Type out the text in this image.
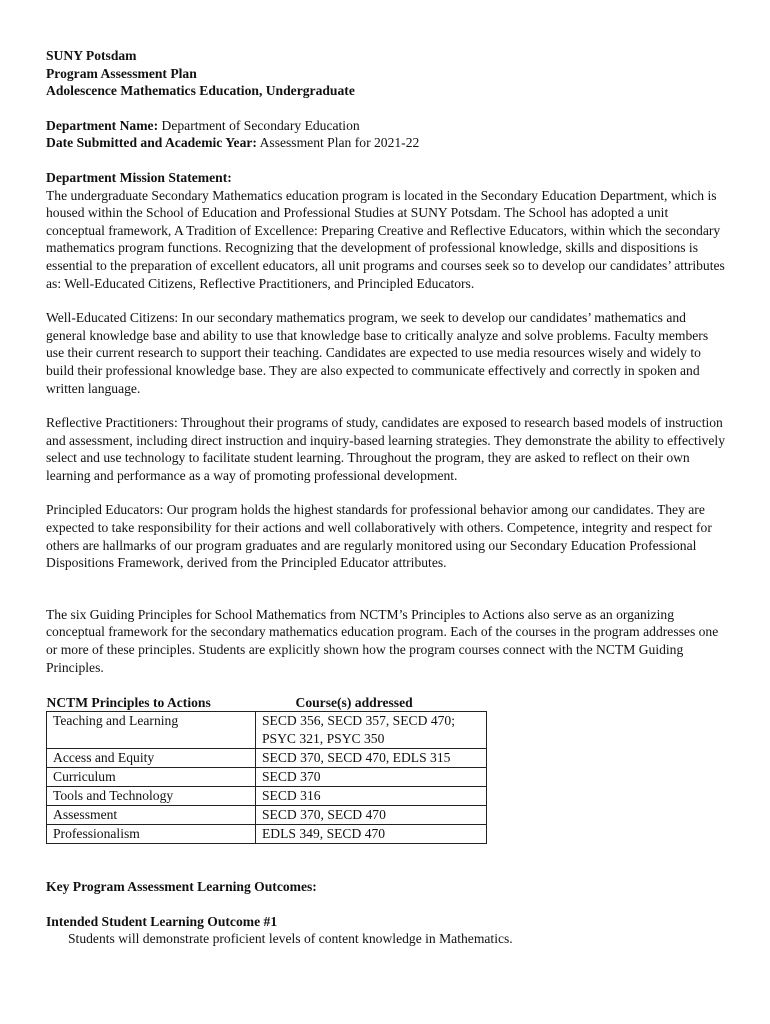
SUNY Potsdam
Program Assessment Plan
Adolescence Mathematics Education, Undergraduate
Department Name: Department of Secondary Education
Date Submitted and Academic Year: Assessment Plan for 2021-22
Department Mission Statement:

The undergraduate Secondary Mathematics education program is located in the Secondary Education Department, which is housed within the School of Education and Professional Studies at SUNY Potsdam. The School has adopted a unit conceptual framework, A Tradition of Excellence: Preparing Creative and Reflective Educators, within which the secondary mathematics program functions. Recognizing that the development of professional knowledge, skills and dispositions is essential to the preparation of excellent educators, all unit programs and courses seek so to develop our candidates’ attributes as: Well-Educated Citizens, Reflective Practitioners, and Principled Educators.

Well-Educated Citizens: In our secondary mathematics program, we seek to develop our candidates’ mathematics and general knowledge base and ability to use that knowledge base to critically analyze and solve problems. Faculty members use their current research to support their teaching. Candidates are expected to use media resources wisely and widely to build their professional knowledge base. They are also expected to communicate effectively and correctly in spoken and written language.

Reflective Practitioners: Throughout their programs of study, candidates are exposed to research based models of instruction and assessment, including direct instruction and inquiry-based learning strategies. They demonstrate the ability to effectively select and use technology to facilitate student learning. Throughout the program, they are asked to reflect on their own learning and performance as a way of promoting professional development.

Principled Educators: Our program holds the highest standards for professional behavior among our candidates. They are expected to take responsibility for their actions and well collaboratively with others. Competence, integrity and respect for others are hallmarks of our program graduates and are regularly monitored using our Secondary Education Professional Dispositions Framework, derived from the Principled Educator attributes.

The six Guiding Principles for School Mathematics from NCTM’s Principles to Actions also serve as an organizing conceptual framework for the secondary mathematics education program. Each of the courses in the program addresses one or more of these principles. Students are explicitly shown how the program courses connect with the NCTM Guiding Principles.

NCTM Principles to Actions	Course(s) addressed
Teaching and Learning	SECD 356, SECD 357, SECD 470; PSYC 321, PSYC 350
Access and Equity	SECD 370, SECD 470, EDLS 315
Curriculum	SECD 370
Tools and Technology	SECD 316
Assessment	SECD 370, SECD 470
Professionalism	EDLS 349, SECD 470
Key Program Assessment Learning Outcomes:
Intended Student Learning Outcome #1
Students will demonstrate proficient levels of content knowledge in Mathematics.
